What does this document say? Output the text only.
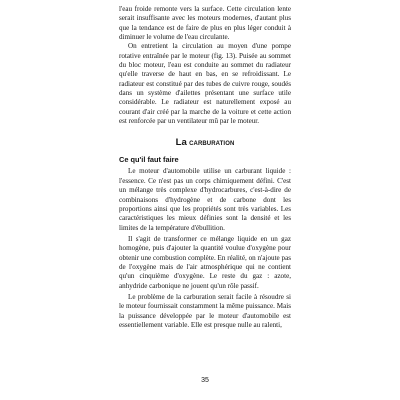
l'eau froide remonte vers la surface. Cette circulation lente serait insuffisante avec les moteurs modernes, d'autant plus que la tendance est de faire de plus en plus léger conduit à diminuer le volume de l'eau circulante.

On entretient la circulation au moyen d'une pompe rotative entraînée par le moteur (fig. 13). Puisée au sommet du bloc moteur, l'eau est conduite au sommet du radiateur qu'elle traverse de haut en bas, en se refroidissant. Le radiateur est constitué par des tubes de cuivre rouge, soudés dans un système d'ailettes présentant une surface utile considérable. Le radiateur est naturellement exposé au courant d'air créé par la marche de la voiture et cette action est renforcée par un ventilateur mû par le moteur.

La carburation
Ce qu'il faut faire

Le moteur d'automobile utilise un carburant liquide : l'essence. Ce n'est pas un corps chimiquement défini. C'est un mélange très complexe d'hydrocarbures, c'est-à-dire de combinaisons d'hydrogène et de carbone dont les proportions ainsi que les propriétés sont très variables. Les caractéristiques les mieux définies sont la densité et les limites de la température d'ébullition.

Il s'agit de transformer ce mélange liquide en un gaz homogène, puis d'ajouter la quantité voulue d'oxygène pour obtenir une combustion complète. En réalité, on n'ajoute pas de l'oxygène mais de l'air atmosphérique qui ne contient qu'un cinquième d'oxygène. Le reste du gaz : azote, anhydride carbonique ne jouent qu'un rôle passif.

Le problème de la carburation serait facile à résoudre si le moteur fournissait constamment la même puissance. Mais la puissance développée par le moteur d'automobile est essentiellement variable. Elle est presque nulle au ralenti,

35
